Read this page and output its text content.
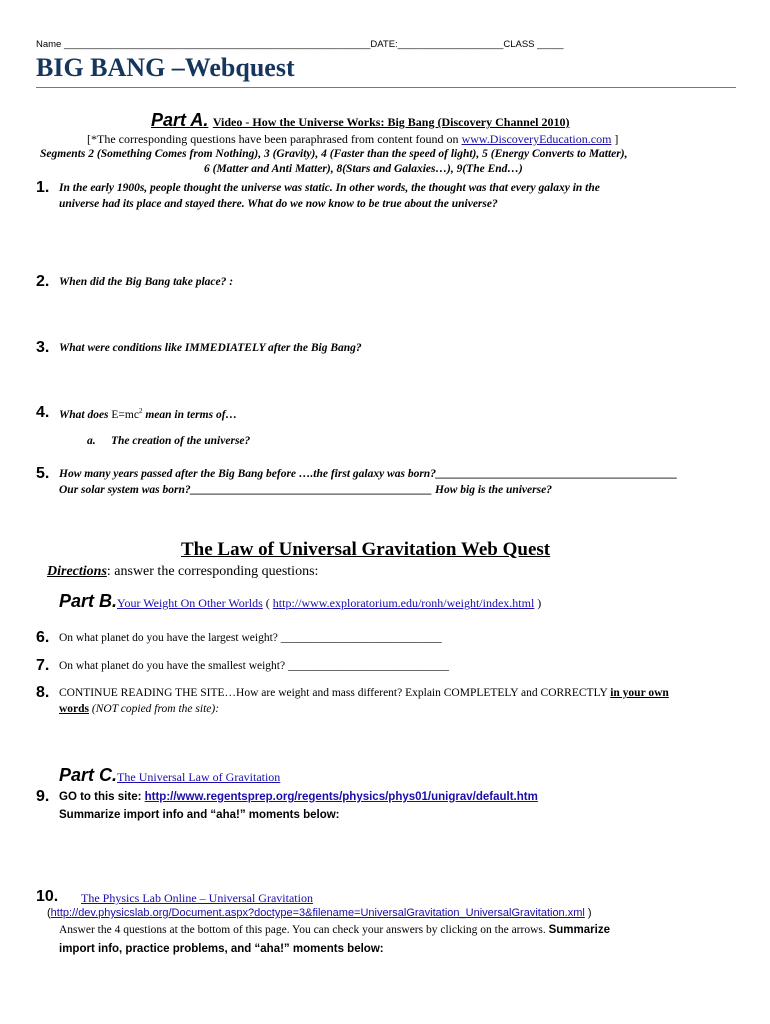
Name __________________________________________________________DATE:____________________CLASS _____
BIG BANG –Webquest
Part A. Video - How the Universe Works: Big Bang (Discovery Channel 2010)
[*The corresponding questions have been paraphrased from content found on www.DiscoveryEducation.com ]
Segments 2 (Something Comes from Nothing), 3 (Gravity), 4 (Faster than the speed of light), 5 (Energy Converts to Matter),
6 (Matter and Anti Matter), 8(Stars and Galaxies…), 9(The End…)
1. In the early 1900s, people thought the universe was static. In other words, the thought was that every galaxy in the
universe had its place and stayed there. What do we now know to be true about the universe?
2. When did the Big Bang take place? :
3. What were conditions like IMMEDIATELY after the Big Bang?
4. What does $E=mc^2$ mean in terms of…
a. The creation of the universe?
5. How many years passed after the Big Bang before ….the first galaxy was born?__________________________________________
Our solar system was born?__________________________________________ How big is the universe?
The Law of Universal Gravitation Web Quest
Directions: answer the corresponding questions:
Part B.Your Weight On Other Worlds ( http://www.exploratorium.edu/ronh/weight/index.html )
6. On what planet do you have the largest weight? ____________________________
7. On what planet do you have the smallest weight? ____________________________
8. CONTINUE READING THE SITE…How are weight and mass different? Explain COMPLETELY and CORRECTLY in your own
words (NOT copied from the site):
Part C.The Universal Law of Gravitation
9. GO to this site: http://www.regentsprep.org/regents/physics/phys01/unigrav/default.htm
Summarize import info and “aha!” moments below:
10. The Physics Lab Online – Universal Gravitation
(http://dev.physicslab.org/Document.aspx?doctype=3&filename=UniversalGravitation_UniversalGravitation.xml )
Answer the 4 questions at the bottom of this page. You can check your answers by clicking on the arrows. Summarize
import info, practice problems, and “aha!” moments below:
